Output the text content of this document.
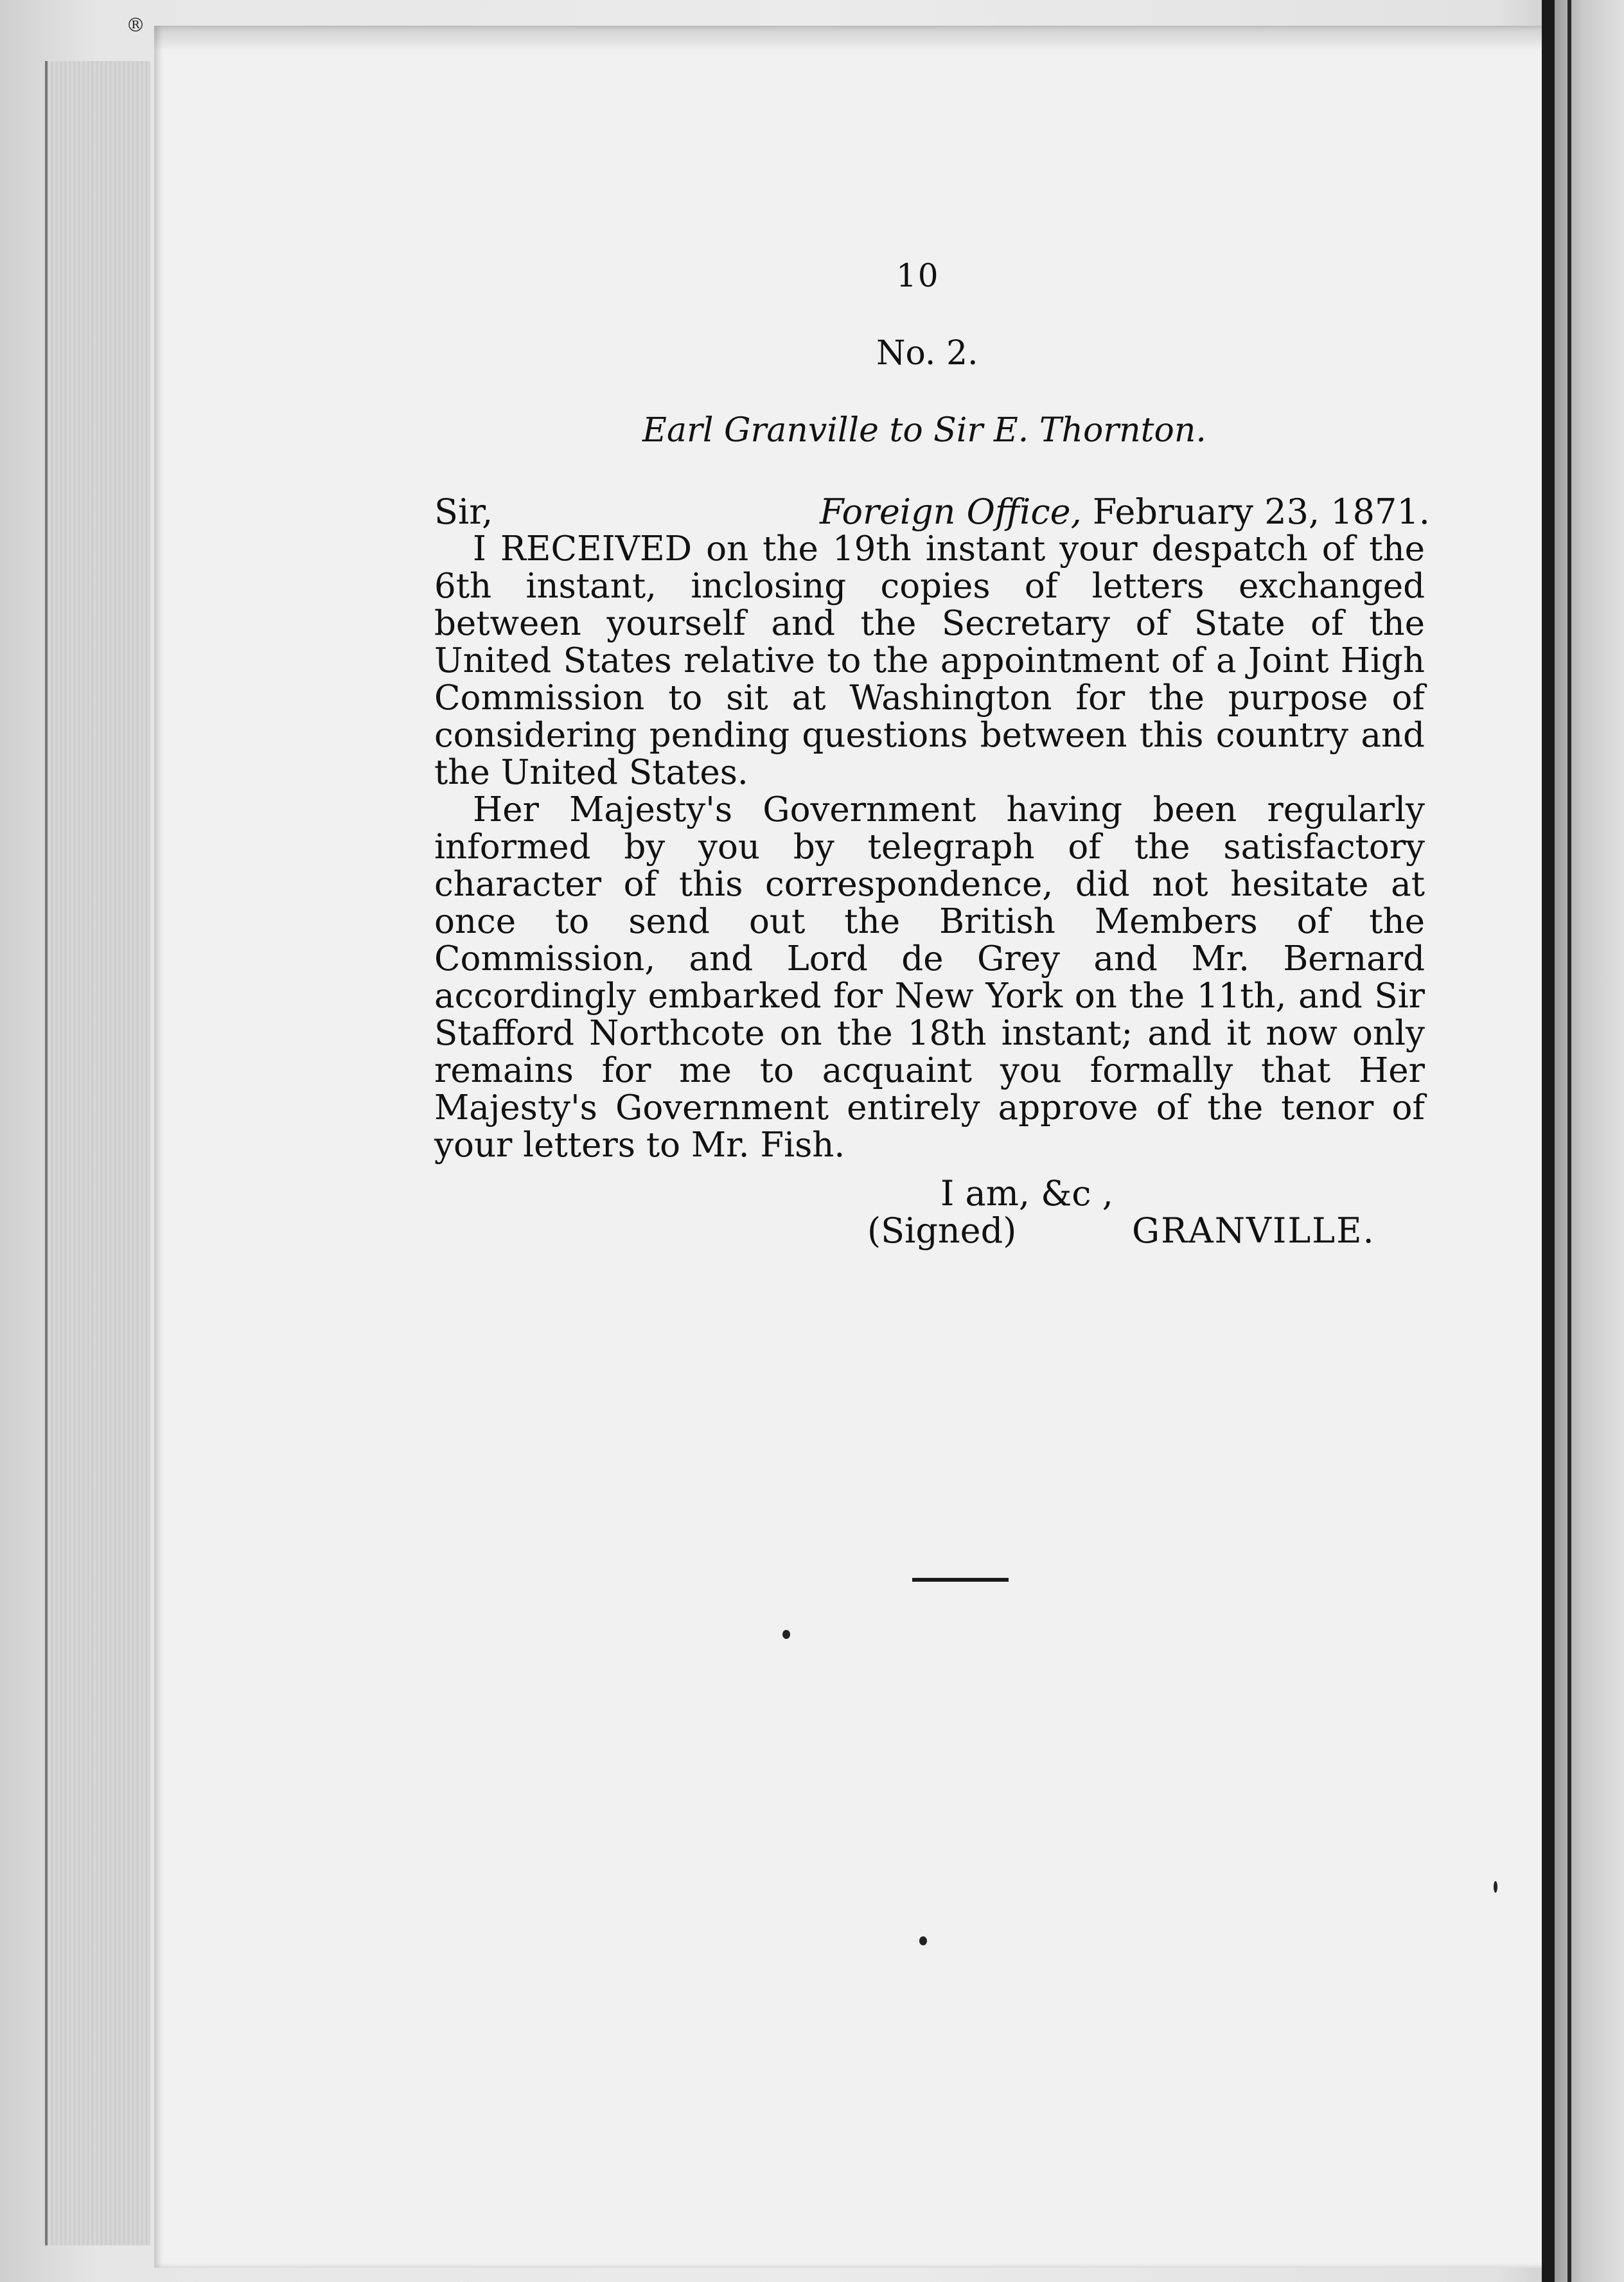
®
10
No. 2.
Earl Granville to Sir E. Thornton.
Sir,	Foreign Office, February 23, 1871.

I RECEIVED on the 19th instant your despatch of the 6th instant, inclosing copies of letters exchanged between yourself and the Secretary of State of the United States relative to the appointment of a Joint High Commission to sit at Washington for the purpose of considering pending questions between this country and the United States.

Her Majesty's Government having been regularly informed by you by telegraph of the satisfactory character of this correspondence, did not hesitate at once to send out the British Members of the Commission, and Lord de Grey and Mr. Bernard accordingly embarked for New York on the 11th, and Sir Stafford Northcote on the 18th instant; and it now only remains for me to acquaint you formally that Her Majesty's Government entirely approve of the tenor of your letters to Mr. Fish.

I am, &c ,
(Signed)	GRANVILLE.
